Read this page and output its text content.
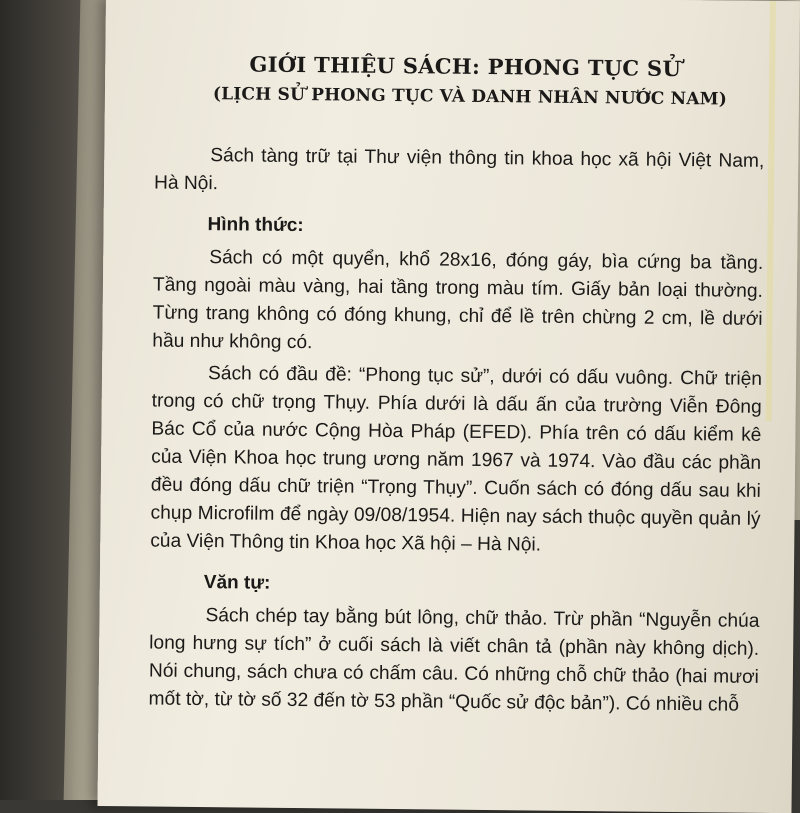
GIỚI THIỆU SÁCH: PHONG TỤC SỬ
(LỊCH SỬ PHONG TỤC VÀ DANH NHÂN NƯỚC NAM)

Sách tàng trữ tại Thư viện thông tin khoa học xã hội Việt Nam, Hà Nội.

Hình thức:

Sách có một quyển, khổ 28x16, đóng gáy, bìa cứng ba tầng. Tầng ngoài màu vàng, hai tầng trong màu tím. Giấy bản loại thường. Từng trang không có đóng khung, chỉ để lề trên chừng 2 cm, lề dưới hầu như không có.

Sách có đầu đề: “Phong tục sử”, dưới có dấu vuông. Chữ triện trong có chữ trọng Thụy. Phía dưới là dấu ấn của trường Viễn Đông Bác Cổ của nước Cộng Hòa Pháp (EFED). Phía trên có dấu kiểm kê của Viện Khoa học trung ương năm 1967 và 1974. Vào đầu các phần đều đóng dấu chữ triện “Trọng Thụy”. Cuốn sách có đóng dấu sau khi chụp Microfilm để ngày 09/08/1954. Hiện nay sách thuộc quyền quản lý của Viện Thông tin Khoa học Xã hội – Hà Nội.

Văn tự:

Sách chép tay bằng bút lông, chữ thảo. Trừ phần “Nguyễn chúa long hưng sự tích” ở cuối sách là viết chân tả (phần này không dịch). Nói chung, sách chưa có chấm câu. Có những chỗ chữ thảo (hai mươi mốt tờ, từ tờ số 32 đến tờ 53 phần “Quốc sử độc bản”). Có nhiều chỗ
